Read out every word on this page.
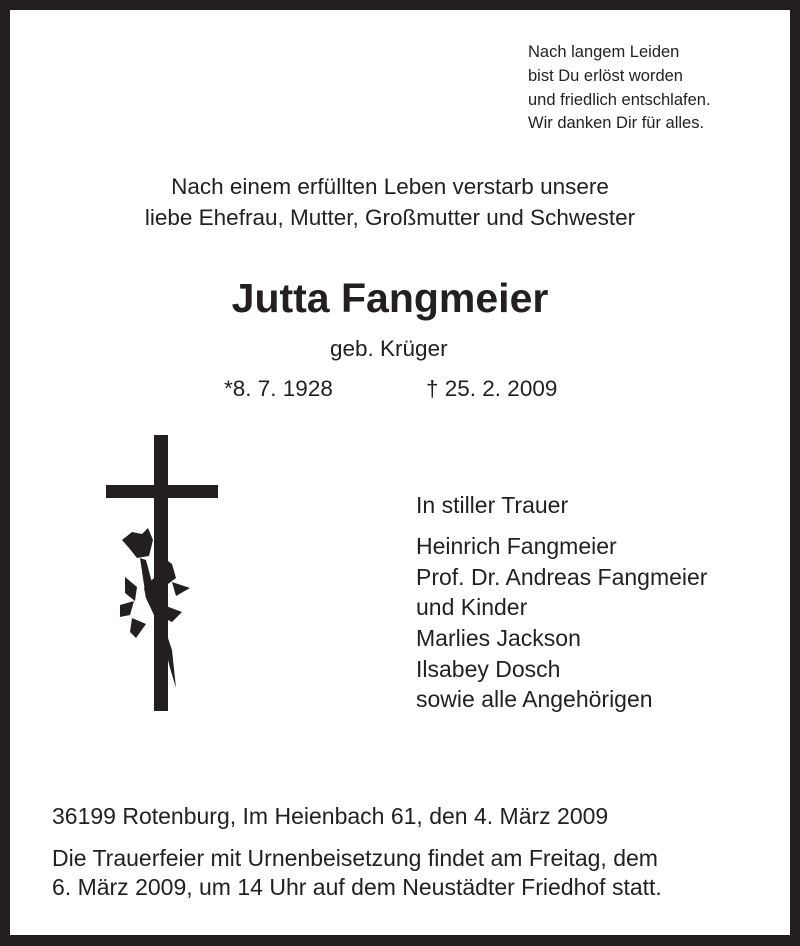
Nach langem Leiden
bist Du erlöst worden
und friedlich entschlafen.
Wir danken Dir für alles.
Nach einem erfüllten Leben verstarb unsere
liebe Ehefrau, Mutter, Großmutter und Schwester
Jutta Fangmeier
geb. Krüger
*8. 7. 1928	† 25. 2. 2009
In stiller Trauer
Heinrich Fangmeier
Prof. Dr. Andreas Fangmeier
und Kinder
Marlies Jackson
Ilsabey Dosch
sowie alle Angehörigen
36199 Rotenburg, Im Heienbach 61, den 4. März 2009
Die Trauerfeier mit Urnenbeisetzung findet am Freitag, dem
6. März 2009, um 14 Uhr auf dem Neustädter Friedhof statt.
